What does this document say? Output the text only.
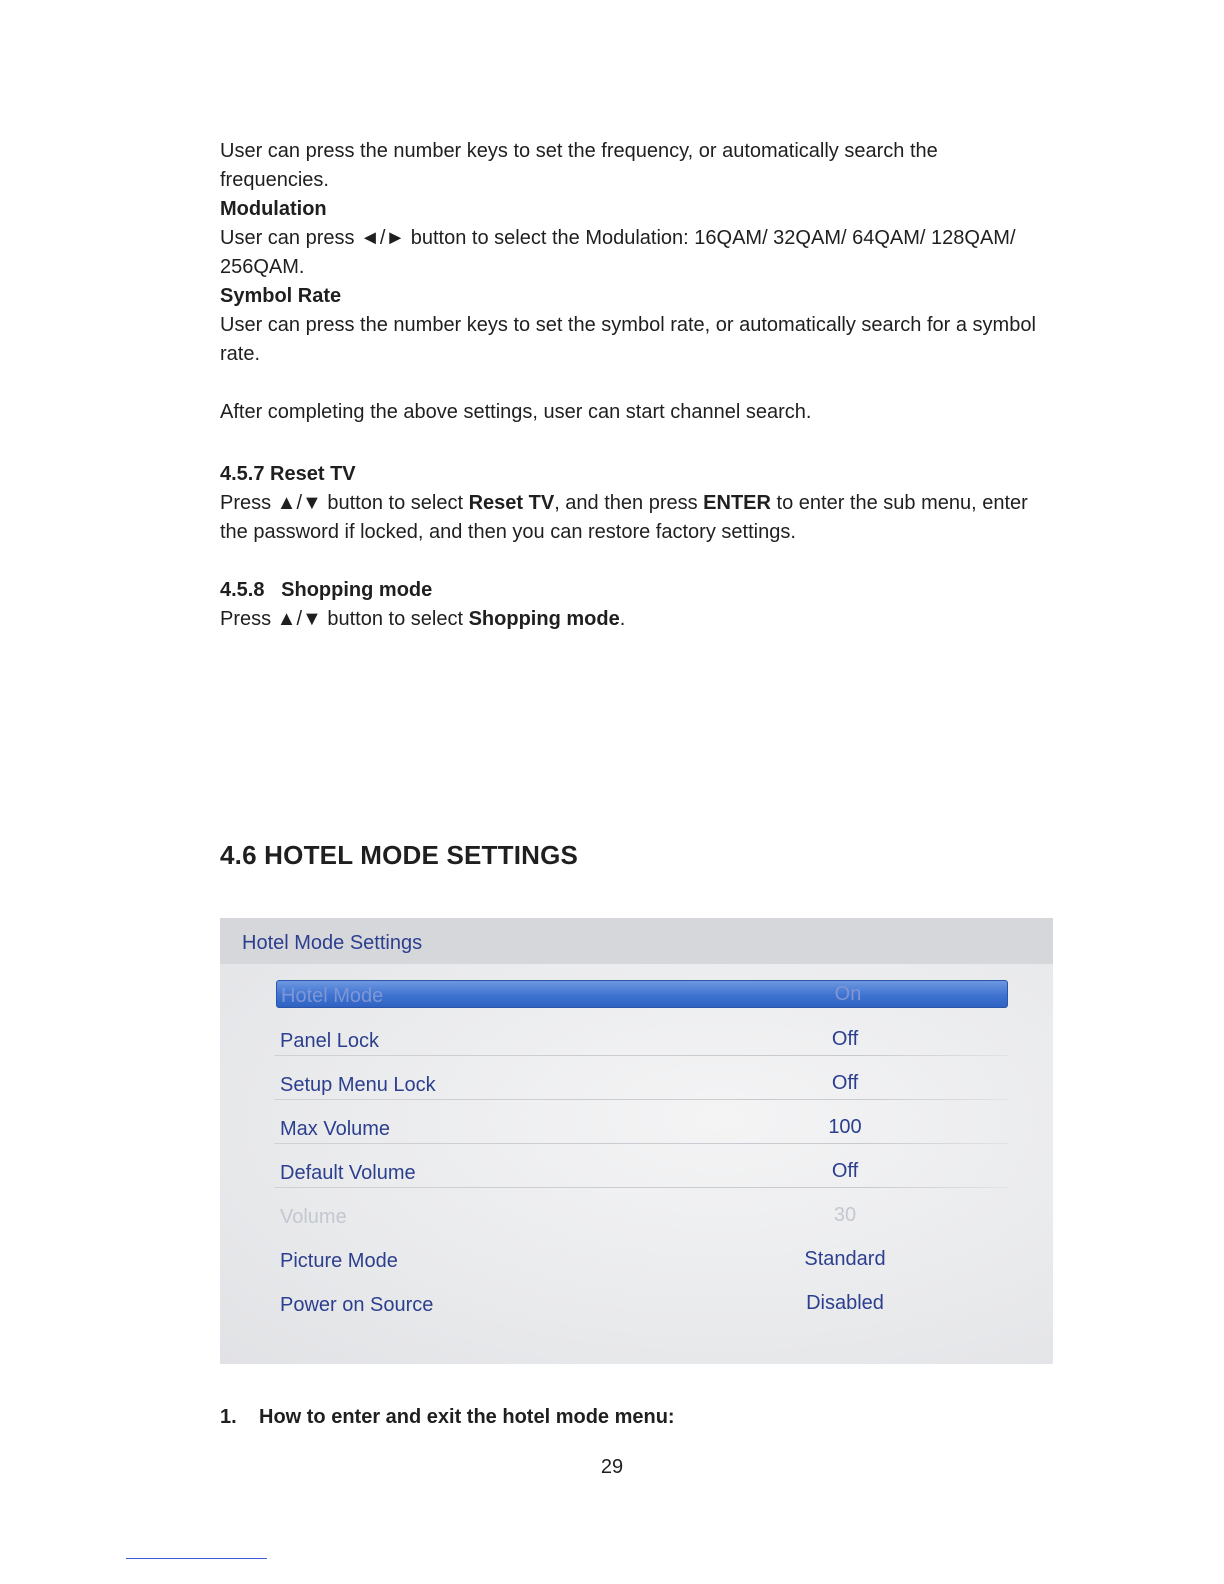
User can press the number keys to set the frequency, or automatically search the

frequencies.

Modulation

User can press ◄/► button to select the Modulation: 16QAM/ 32QAM/ 64QAM/ 128QAM/

256QAM.

Symbol Rate

User can press the number keys to set the symbol rate, or automatically search for a symbol

rate.

After completing the above settings, user can start channel search.

4.5.7 Reset TV

Press ▲/▼ button to select Reset TV, and then press ENTER to enter the sub menu, enter

the password if locked, and then you can restore factory settings.

4.5.8   Shopping mode

Press ▲/▼ button to select Shopping mode.

4.6 HOTEL MODE SETTINGS
Hotel Mode Settings
Hotel Mode	On
Panel Lock	Off
Setup Menu Lock	Off
Max Volume	100
Default Volume	Off
Volume	30
Picture Mode	Standard
Power on Source	Disabled
1. How to enter and exit the hotel mode menu:
29
